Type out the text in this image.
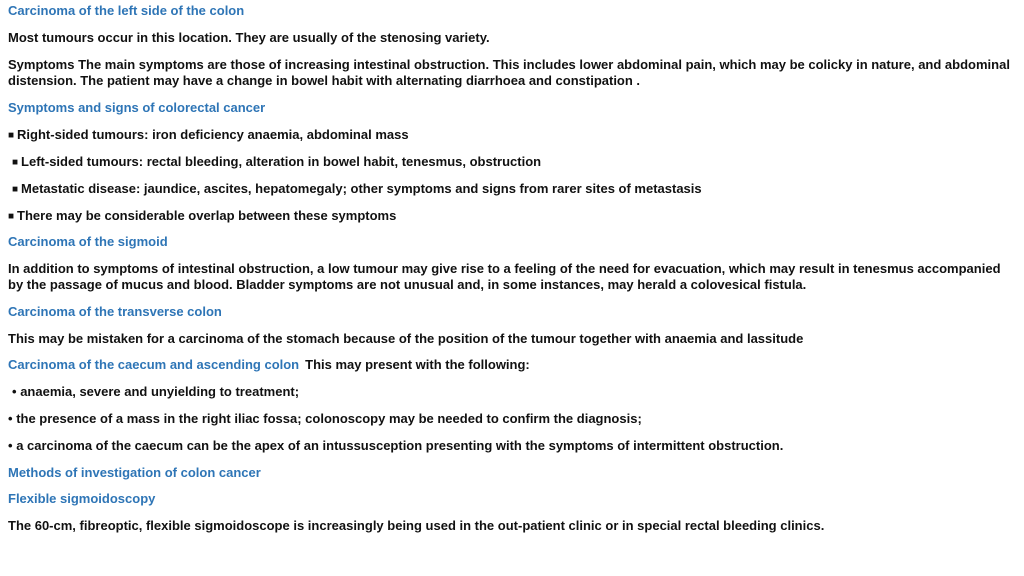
Carcinoma of the left side of the colon
Most tumours occur in this location. They are usually of the stenosing variety.
Symptoms The main symptoms are those of increasing intestinal obstruction. This includes lower abdominal pain, which may be colicky in nature, and abdominal distension. The patient may have a change in bowel habit with alternating diarrhoea and constipation .
Symptoms and signs of colorectal cancer
■ Right-sided tumours: iron deficiency anaemia, abdominal mass
■ Left-sided tumours: rectal bleeding, alteration in bowel habit, tenesmus, obstruction
■ Metastatic disease: jaundice, ascites, hepatomegaly; other symptoms and signs from rarer sites of metastasis
■ There may be considerable overlap between these symptoms
Carcinoma of the sigmoid
In addition to symptoms of intestinal obstruction, a low tumour may give rise to a feeling of the need for evacuation, which may result in tenesmus accompanied by the passage of mucus and blood. Bladder symptoms are not unusual and, in some instances, may herald a colovesical fistula.
Carcinoma of the transverse colon
This may be mistaken for a carcinoma of the stomach because of the position of the tumour together with anaemia and lassitude
Carcinoma of the caecum and ascending colon This may present with the following:
• anaemia, severe and unyielding to treatment;
• the presence of a mass in the right iliac fossa; colonoscopy may be needed to confirm the diagnosis;
• a carcinoma of the caecum can be the apex of an intussusception presenting with the symptoms of intermittent obstruction.
Methods of investigation of colon cancer
Flexible sigmoidoscopy
The 60-cm, fibreoptic, flexible sigmoidoscope is increasingly being used in the out-patient clinic or in special rectal bleeding clinics.
